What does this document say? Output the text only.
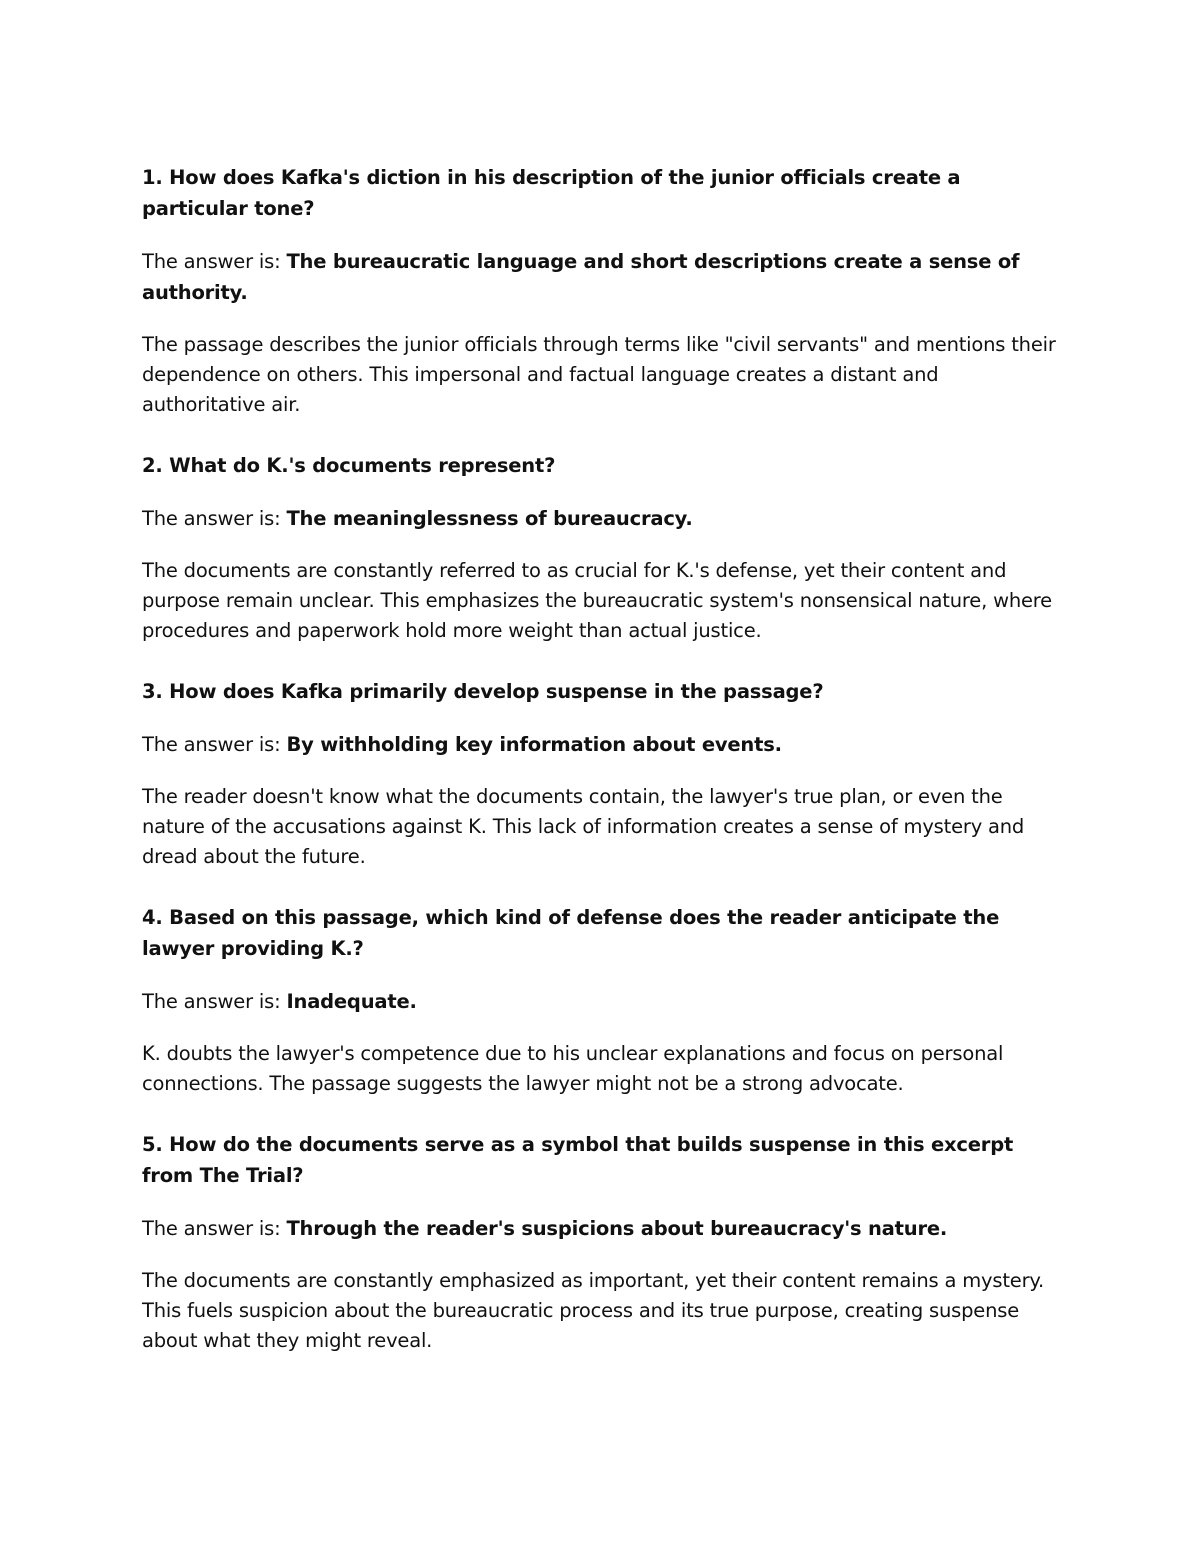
1. How does Kafka's diction in his description of the junior officials create a particular tone?

The answer is: The bureaucratic language and short descriptions create a sense of authority.

The passage describes the junior officials through terms like "civil servants" and mentions their dependence on others. This impersonal and factual language creates a distant and authoritative air.

2. What do K.'s documents represent?

The answer is: The meaninglessness of bureaucracy.

The documents are constantly referred to as crucial for K.'s defense, yet their content and purpose remain unclear. This emphasizes the bureaucratic system's nonsensical nature, where procedures and paperwork hold more weight than actual justice.

3. How does Kafka primarily develop suspense in the passage?

The answer is: By withholding key information about events.

The reader doesn't know what the documents contain, the lawyer's true plan, or even the nature of the accusations against K. This lack of information creates a sense of mystery and dread about the future.

4. Based on this passage, which kind of defense does the reader anticipate the lawyer providing K.?

The answer is: Inadequate.

K. doubts the lawyer's competence due to his unclear explanations and focus on personal connections. The passage suggests the lawyer might not be a strong advocate.

5. How do the documents serve as a symbol that builds suspense in this excerpt from The Trial?

The answer is: Through the reader's suspicions about bureaucracy's nature.

The documents are constantly emphasized as important, yet their content remains a mystery. This fuels suspicion about the bureaucratic process and its true purpose, creating suspense about what they might reveal.
